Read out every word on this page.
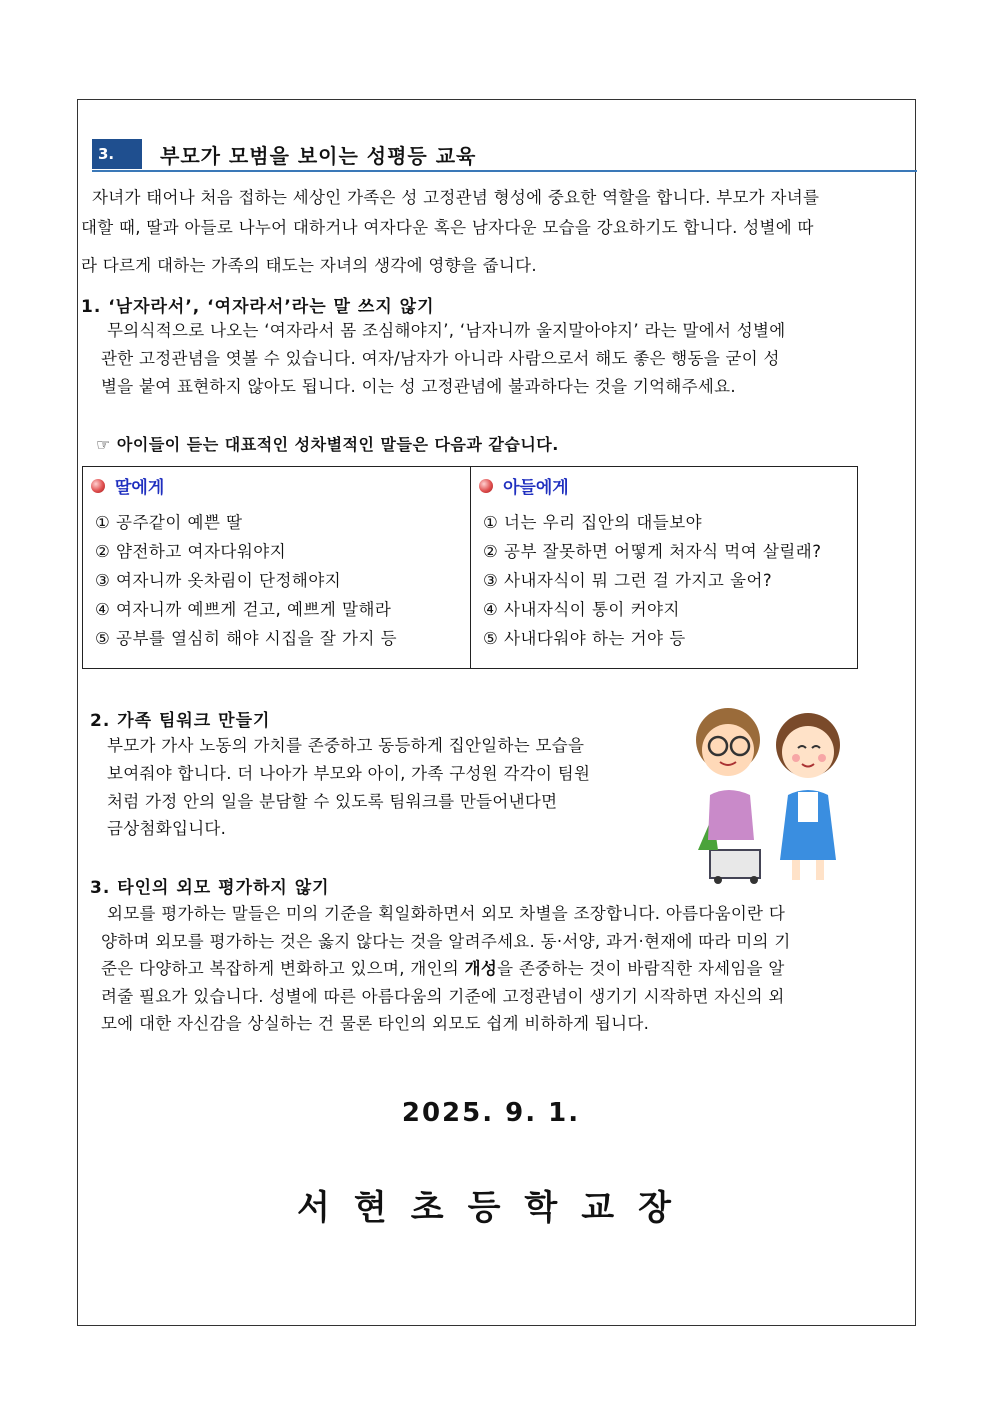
3.	부모가 모범을 보이는 성평등 교육
자녀가 태어나 처음 접하는 세상인 가족은 성 고정관념 형성에 중요한 역할을 합니다. 부모가 자녀를
대할 때, 딸과 아들로 나누어 대하거나 여자다운 혹은 남자다운 모습을 강요하기도 합니다. 성별에 따
라 다르게 대하는 가족의 태도는 자녀의 생각에 영향을 줍니다.
1. ‘남자라서’, ‘여자라서’라는 말 쓰지 않기
무의식적으로 나오는 ‘여자라서 몸 조심해야지’, ‘남자니까 울지말아야지’ 라는 말에서 성별에
관한 고정관념을 엿볼 수 있습니다. 여자/남자가 아니라 사람으로서 해도 좋은 행동을 굳이 성
별을 붙여 표현하지 않아도 됩니다. 이는 성 고정관념에 불과하다는 것을 기억해주세요.
☞ 아이들이 듣는 대표적인 성차별적인 말들은 다음과 같습니다.
딸에게
① 공주같이 예쁜 딸
② 얌전하고 여자다워야지
③ 여자니까 옷차림이 단정해야지
④ 여자니까 예쁘게 걷고, 예쁘게 말해라
⑤ 공부를 열심히 해야 시집을 잘 가지 등
아들에게
① 너는 우리 집안의 대들보야
② 공부 잘못하면 어떻게 처자식 먹여 살릴래?
③ 사내자식이 뭐 그런 걸 가지고 울어?
④ 사내자식이 통이 커야지
⑤ 사내다워야 하는 거야 등
2. 가족 팀워크 만들기
부모가 가사 노동의 가치를 존중하고 동등하게 집안일하는 모습을
보여줘야 합니다. 더 나아가 부모와 아이, 가족 구성원 각각이 팀원
처럼 가정 안의 일을 분담할 수 있도록 팀워크를 만들어낸다면
금상첨화입니다.
3. 타인의 외모 평가하지 않기
외모를 평가하는 말들은 미의 기준을 획일화하면서 외모 차별을 조장합니다. 아름다움이란 다
양하며 외모를 평가하는 것은 옳지 않다는 것을 알려주세요. 동·서양, 과거·현재에 따라 미의 기
준은 다양하고 복잡하게 변화하고 있으며, 개인의 개성을 존중하는 것이 바람직한 자세임을 알
려줄 필요가 있습니다. 성별에 따른 아름다움의 기준에 고정관념이 생기기 시작하면 자신의 외
모에 대한 자신감을 상실하는 건 물론 타인의 외모도 쉽게 비하하게 됩니다.
2025. 9. 1.
서현초등학교장
